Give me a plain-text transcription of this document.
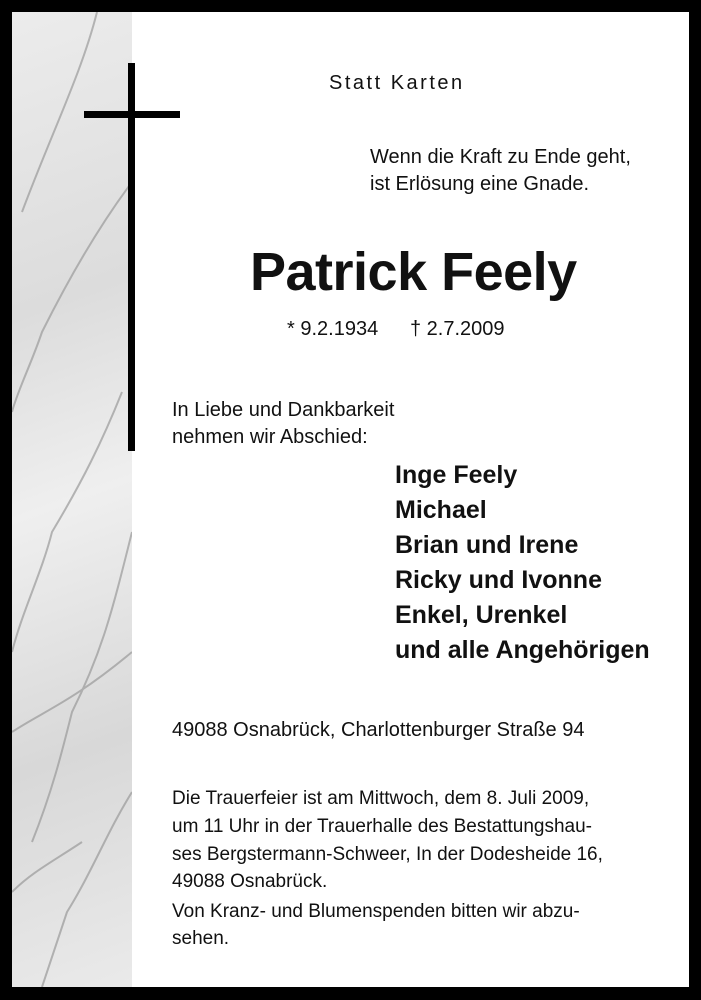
Statt Karten
Wenn die Kraft zu Ende geht,
ist Erlösung eine Gnade.
Patrick Feely
* 9.2.1934 † 2.7.2009
In Liebe und Dankbarkeit
nehmen wir Abschied:
Inge Feely
Michael
Brian und Irene
Ricky und Ivonne
Enkel, Urenkel
und alle Angehörigen
49088 Osnabrück, Charlottenburger Straße 94
Die Trauerfeier ist am Mittwoch, dem 8. Juli 2009,
um 11 Uhr in der Trauerhalle des Bestattungshau-
ses Bergstermann-Schweer, In der Dodesheide 16,
49088 Osnabrück.
Von Kranz- und Blumenspenden bitten wir abzu-
sehen.
